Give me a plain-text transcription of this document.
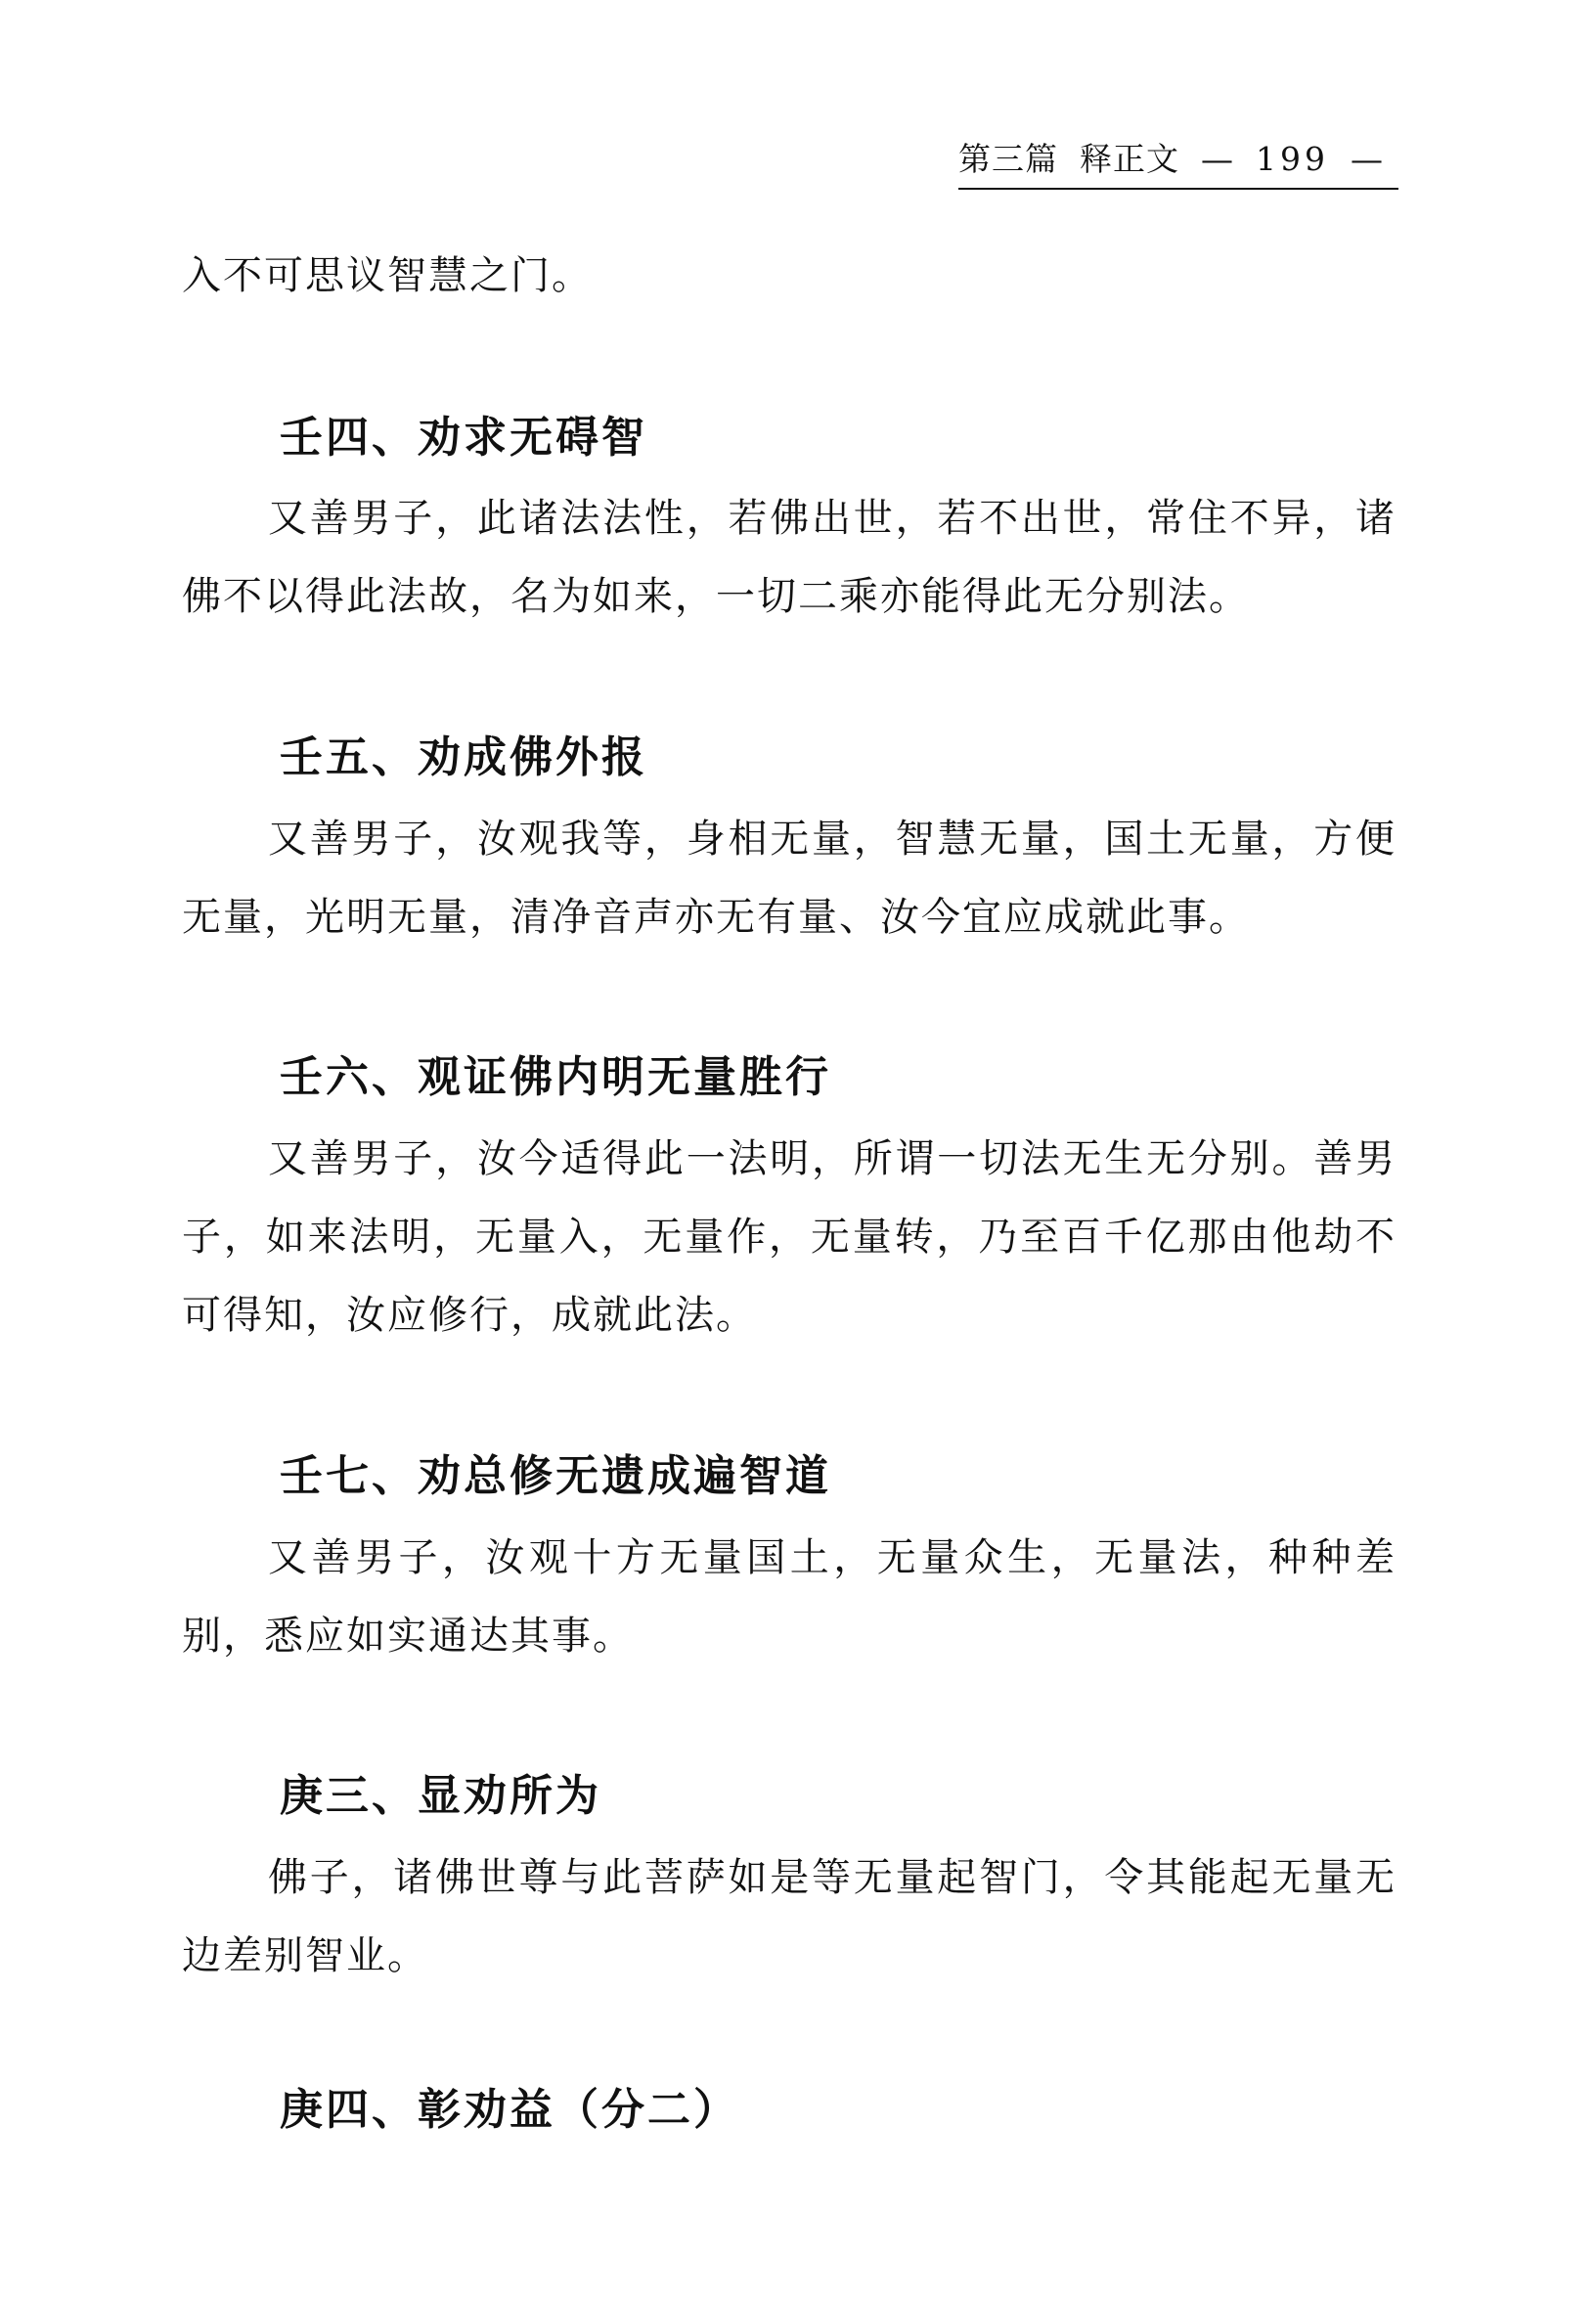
第三篇 释正文 — 199 —
入不可思议智慧之门。
壬四、劝求无碍智
又善男子，此诸法法性，若佛出世，若不出世，常住不异，诸佛不以得此法故，名为如来，一切二乘亦能得此无分别法。
壬五、劝成佛外报
又善男子，汝观我等，身相无量，智慧无量，国土无量，方便无量，光明无量，清净音声亦无有量、汝今宜应成就此事。
壬六、观证佛内明无量胜行
又善男子，汝今适得此一法明，所谓一切法无生无分别。善男子，如来法明，无量入，无量作，无量转，乃至百千亿那由他劫不可得知，汝应修行，成就此法。
壬七、劝总修无遗成遍智道
又善男子，汝观十方无量国土，无量众生，无量法，种种差别，悉应如实通达其事。
庚三、显劝所为
佛子，诸佛世尊与此菩萨如是等无量起智门，令其能起无量无边差别智业。
庚四、彰劝益（分二）
